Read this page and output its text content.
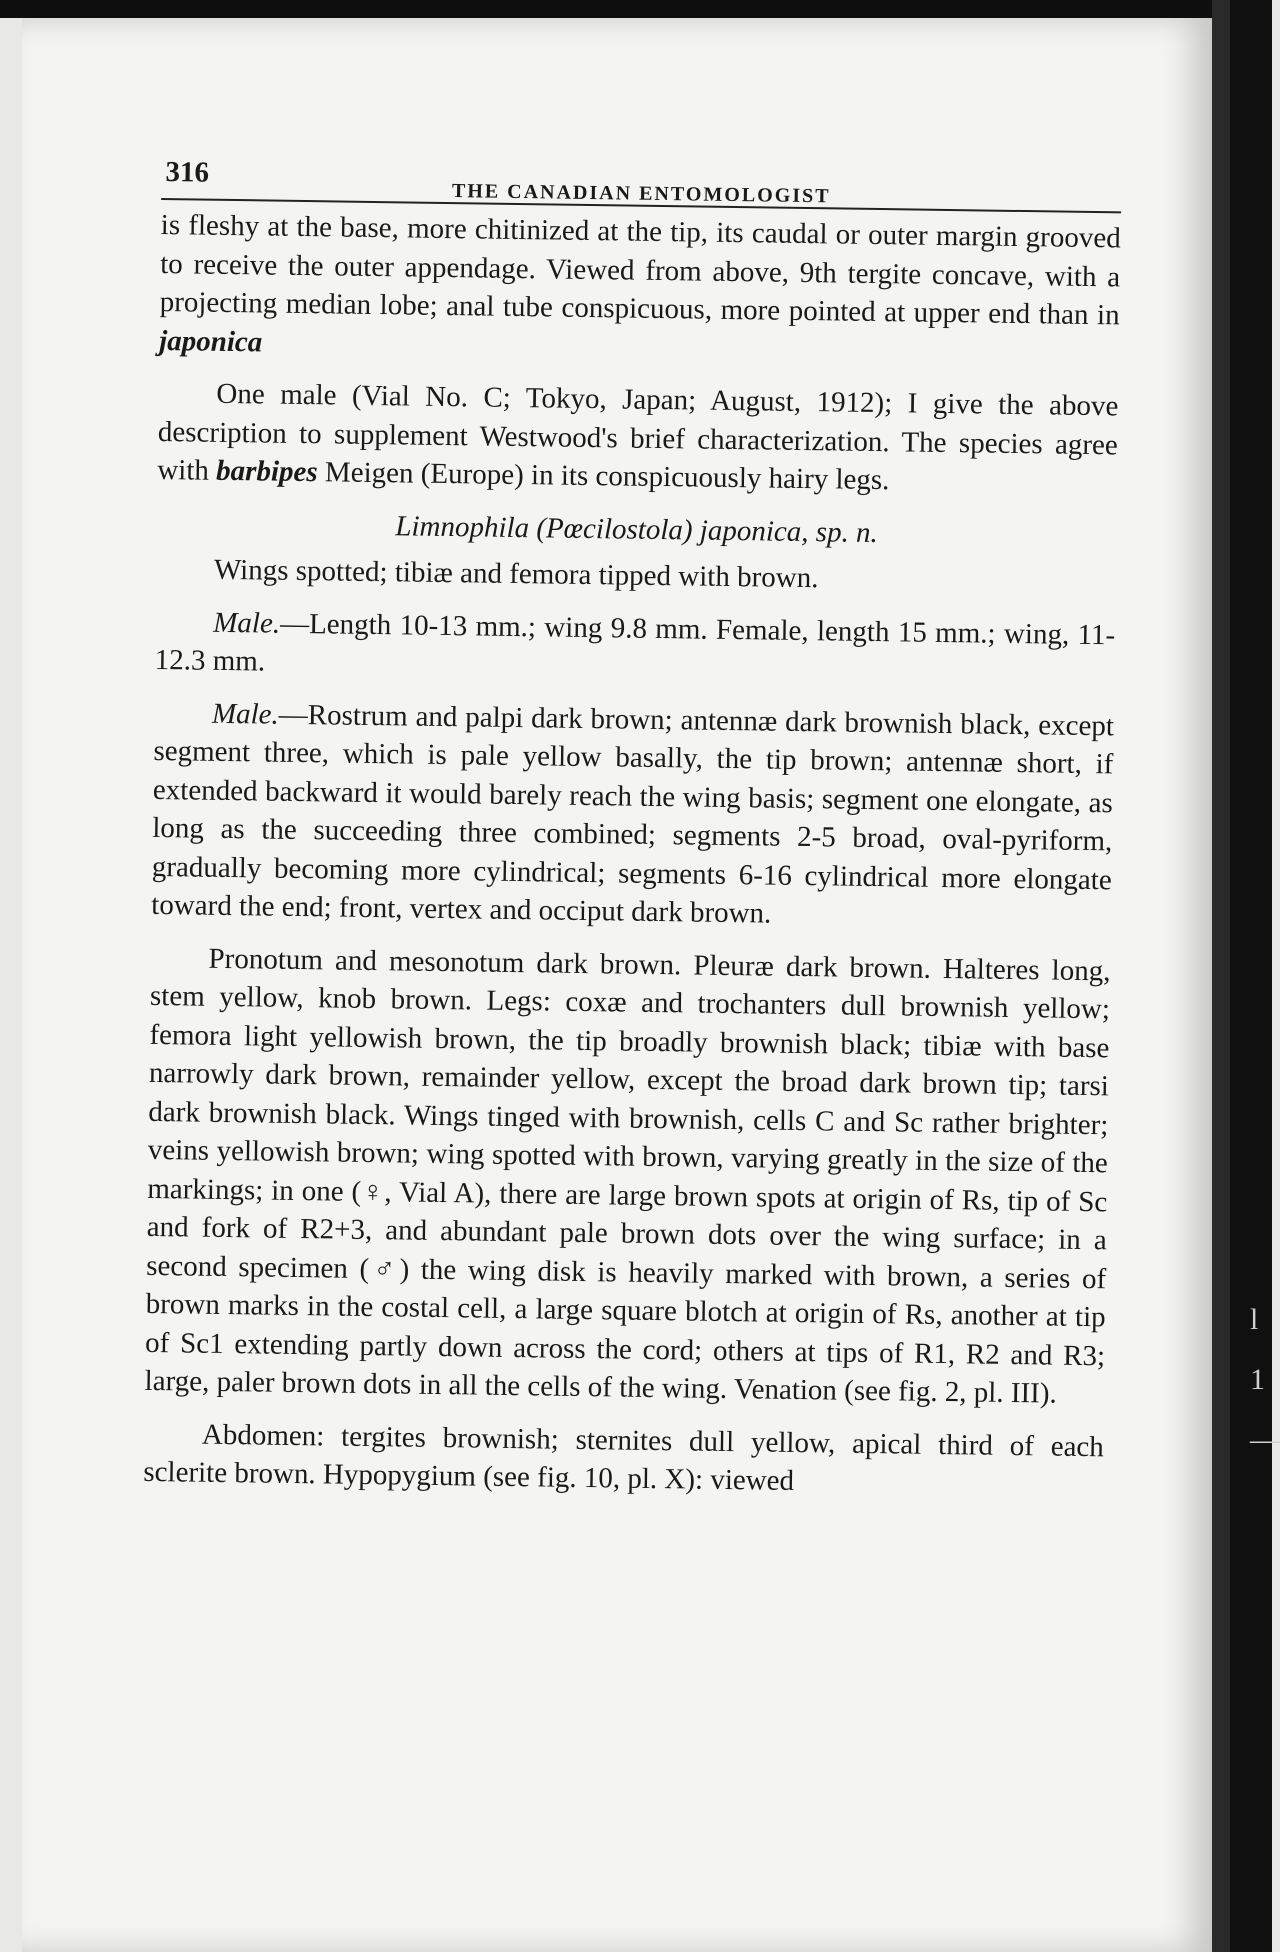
316
THE CANADIAN ENTOMOLOGIST

is fleshy at the base, more chitinized at the tip, its caudal or outer margin grooved to receive the outer appendage. Viewed from above, 9th tergite concave, with a projecting median lobe; anal tube conspicuous, more pointed at upper end than in japonica

One male (Vial No. C; Tokyo, Japan; August, 1912); I give the above description to supplement Westwood's brief characterization. The species agree with barbipes Meigen (Europe) in its conspicuously hairy legs.

Limnophila (Pœcilostola) japonica, sp. n.

Wings spotted; tibiæ and femora tipped with brown.

Male.—Length 10-13 mm.; wing 9.8 mm. Female, length 15 mm.; wing, 11-12.3 mm.

Male.—Rostrum and palpi dark brown; antennæ dark brownish black, except segment three, which is pale yellow basally, the tip brown; antennæ short, if extended backward it would barely reach the wing basis; segment one elongate, as long as the succeeding three combined; segments 2-5 broad, oval-pyriform, gradually becoming more cylindrical; segments 6-16 cylindrical more elongate toward the end; front, vertex and occiput dark brown.

Pronotum and mesonotum dark brown. Pleuræ dark brown. Halteres long, stem yellow, knob brown. Legs: coxæ and trochanters dull brownish yellow; femora light yellowish brown, the tip broadly brownish black; tibiæ with base narrowly dark brown, remainder yellow, except the broad dark brown tip; tarsi dark brownish black. Wings tinged with brownish, cells C and Sc rather brighter; veins yellowish brown; wing spotted with brown, varying greatly in the size of the markings; in one (♀, Vial A), there are large brown spots at origin of Rs, tip of Sc and fork of R2+3, and abundant pale brown dots over the wing surface; in a second specimen (♂) the wing disk is heavily marked with brown, a series of brown marks in the costal cell, a large square blotch at origin of Rs, another at tip of Sc1 extending partly down across the cord; others at tips of R1, R2 and R3; large, paler brown dots in all the cells of the wing. Venation (see fig. 2, pl. III).

Abdomen: tergites brownish; sternites dull yellow, apical third of each sclerite brown. Hypopygium (see fig. 10, pl. X): viewed

l
1
—
